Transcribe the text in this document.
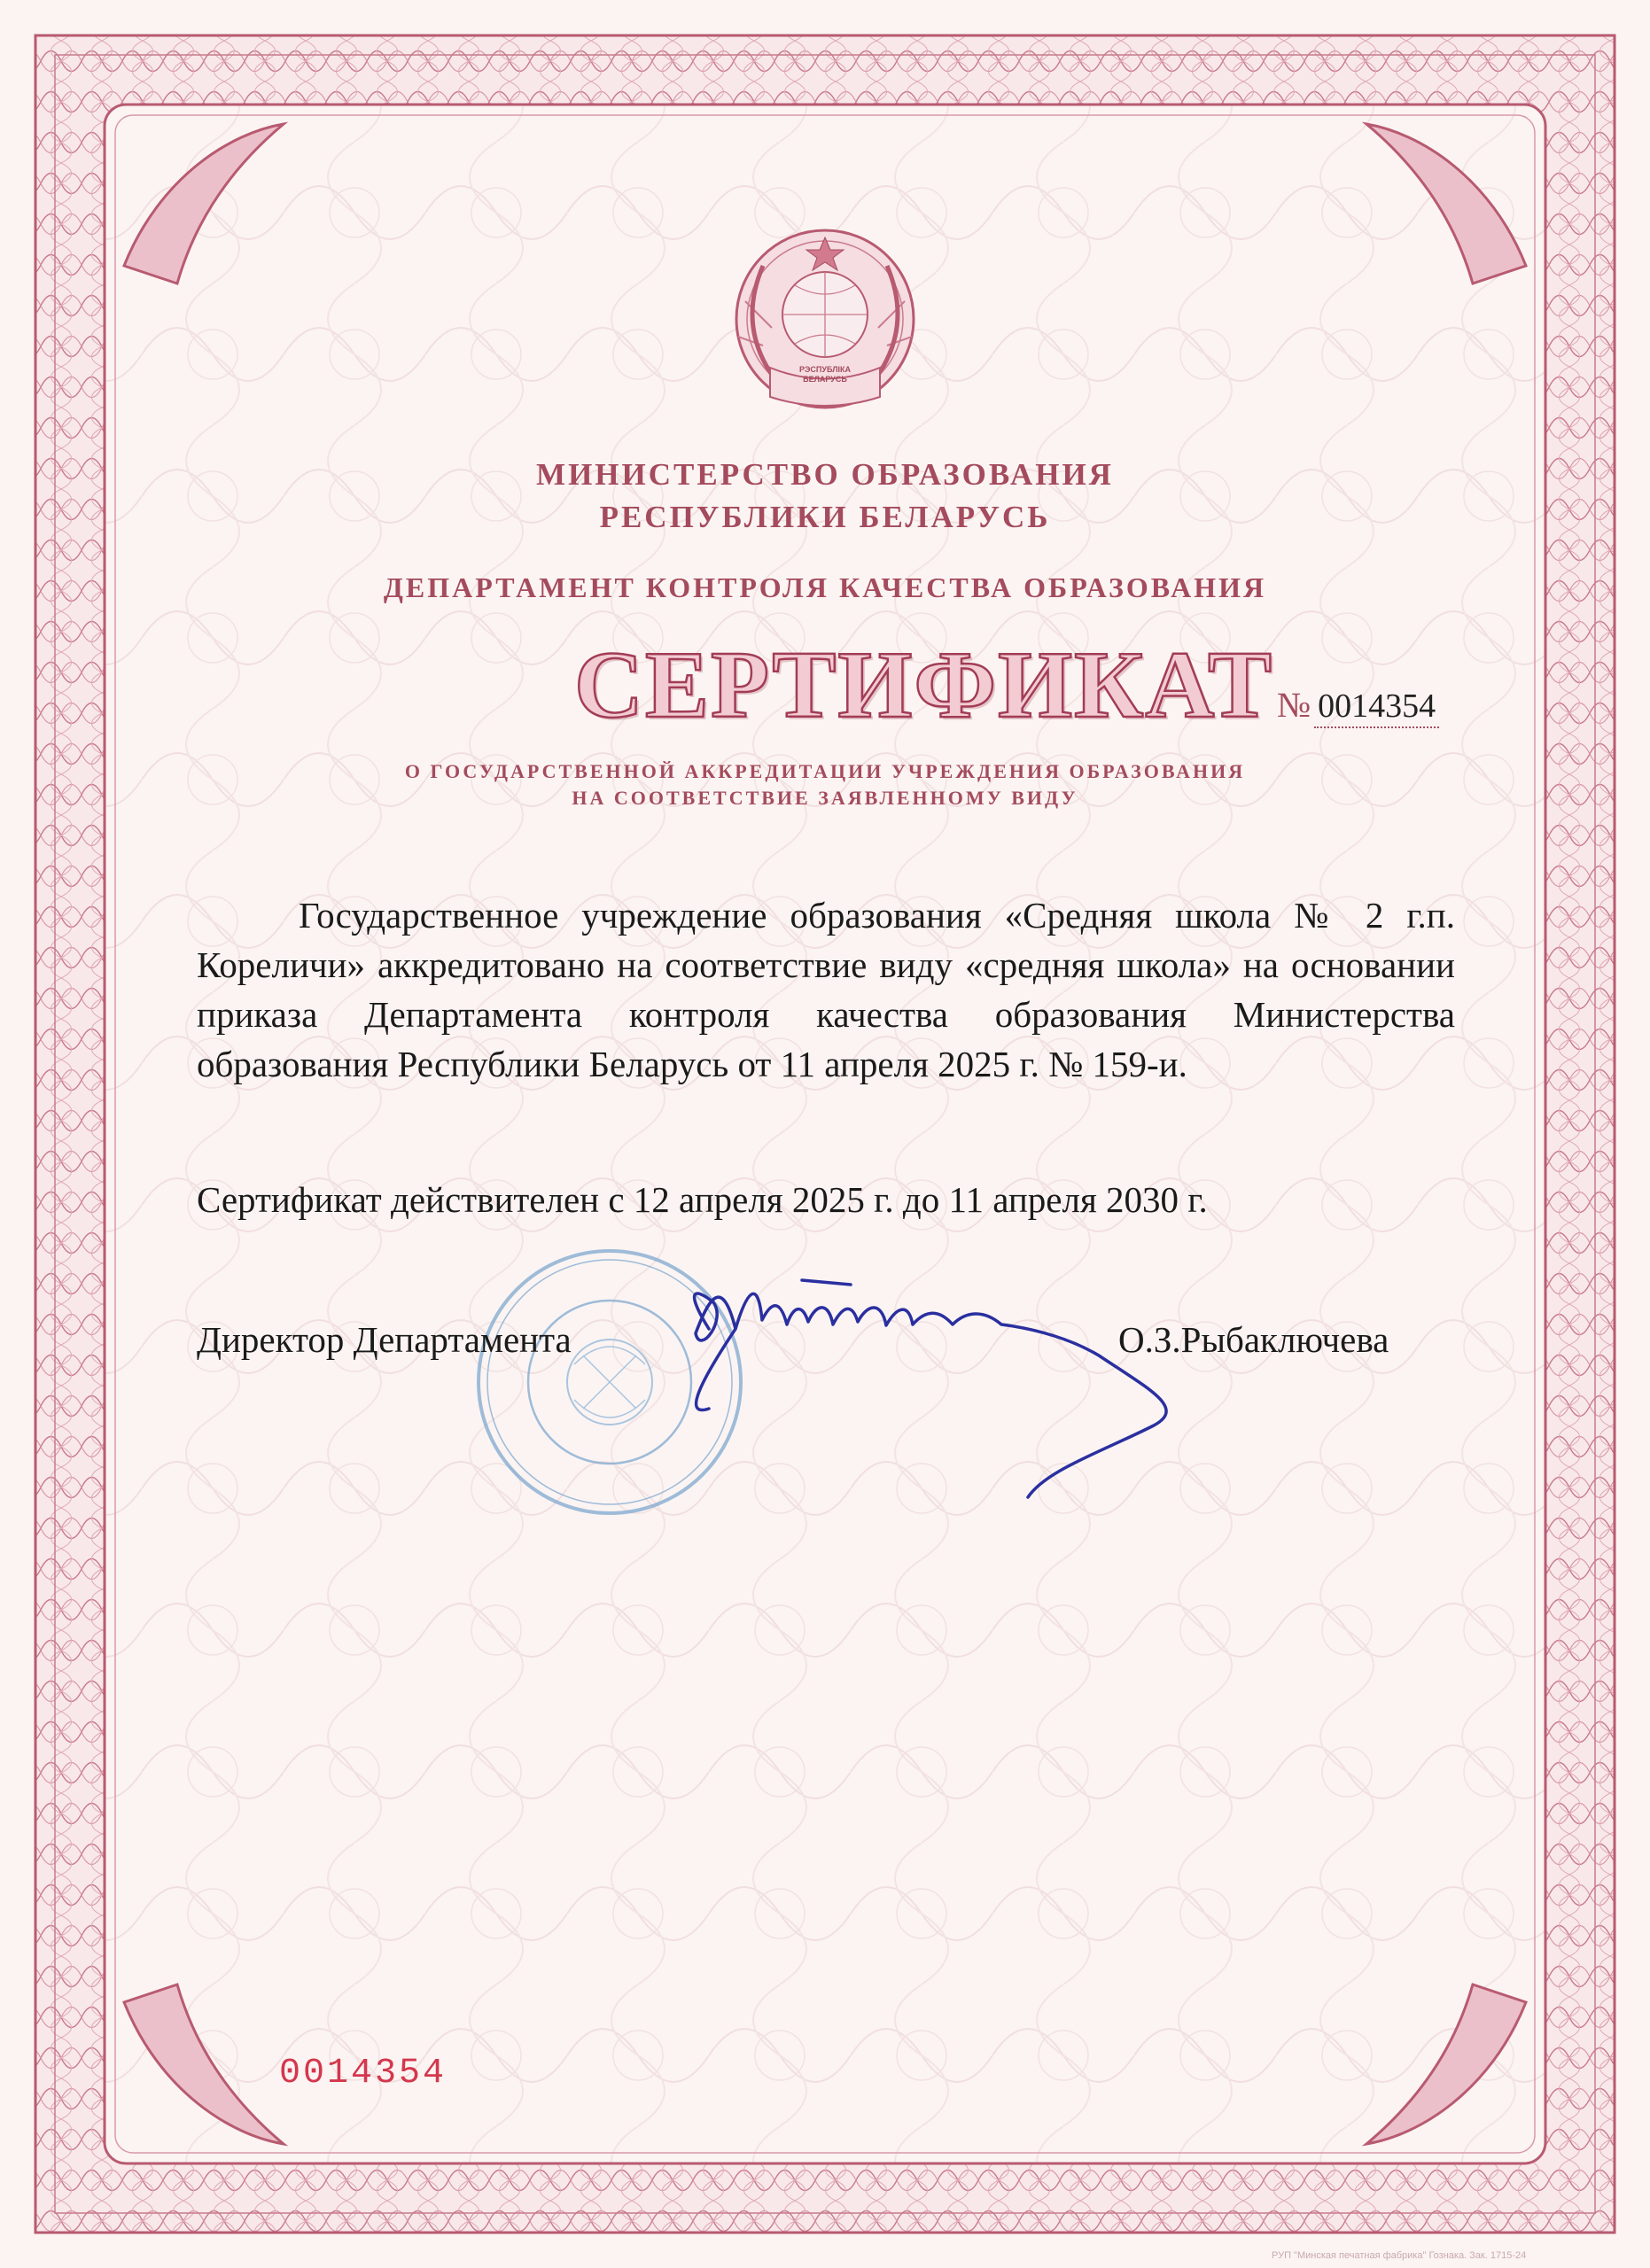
РЭСПУБЛІКА
БЕЛАРУСЬ
МИНИСТЕРСТВО ОБРАЗОВАНИЯ
РЕСПУБЛИКИ БЕЛАРУСЬ
ДЕПАРТАМЕНТ КОНТРОЛЯ КАЧЕСТВА ОБРАЗОВАНИЯ
СЕРТИФИКАТ № 0014354
О ГОСУДАРСТВЕННОЙ АККРЕДИТАЦИИ УЧРЕЖДЕНИЯ ОБРАЗОВАНИЯ
НА СООТВЕТСТВИЕ ЗАЯВЛЕННОМУ ВИДУ
Государственное учреждение образования «Средняя школа № 2 г.п. Кореличи» аккредитовано на соответствие виду «средняя школа» на основании приказа Департамента контроля качества образования Министерства образования Республики Беларусь от 11 апреля 2025 г. № 159-и.
Сертификат действителен с 12 апреля 2025 г. до 11 апреля 2030 г.
Директор Департамента	О.З.Рыбаключева
0014354
РУП "Минская печатная фабрика" Гознака. Зак. 1715-24
